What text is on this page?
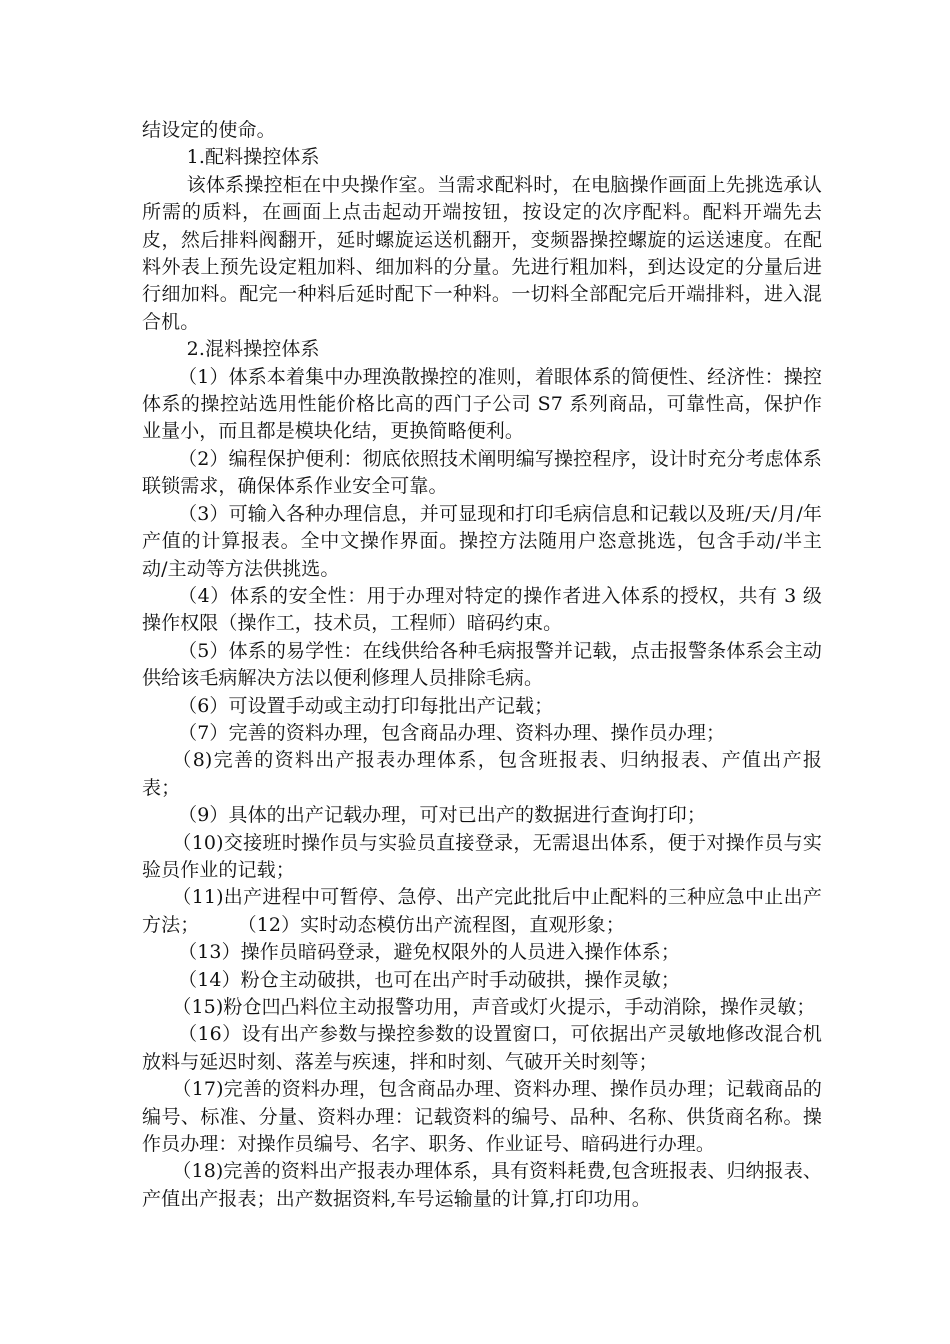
结设定的使命。

1.配料操控体系

该体系操控柜在中央操作室。当需求配料时，在电脑操作画面上先挑选承认所需的质料，在画面上点击起动开端按钮，按设定的次序配料。配料开端先去皮，然后排料阀翻开，延时螺旋运送机翻开，变频器操控螺旋的运送速度。在配料外表上预先设定粗加料、细加料的分量。先进行粗加料，到达设定的分量后进行细加料。配完一种料后延时配下一种料。一切料全部配完后开端排料，进入混合机。

2.混料操控体系

（1）体系本着集中办理涣散操控的准则，着眼体系的简便性、经济性：操控体系的操控站选用性能价格比高的西门子公司 S7 系列商品，可靠性高，保护作业量小，而且都是模块化结，更换简略便利。

（2）编程保护便利：彻底依照技术阐明编写操控程序，设计时充分考虑体系联锁需求，确保体系作业安全可靠。

（3）可输入各种办理信息，并可显现和打印毛病信息和记载以及班/天/月/年产值的计算报表。全中文操作界面。操控方法随用户恣意挑选，包含手动/半主动/主动等方法供挑选。

（4）体系的安全性：用于办理对特定的操作者进入体系的授权，共有 3 级操作权限（操作工，技术员，工程师）暗码约束。

（5）体系的易学性：在线供给各种毛病报警并记载，点击报警条体系会主动供给该毛病解决方法以便利修理人员排除毛病。

（6）可设置手动或主动打印每批出产记载；

（7）完善的资料办理，包含商品办理、资料办理、操作员办理；

（8)完善的资料出产报表办理体系，包含班报表、归纳报表、产值出产报表；

（9）具体的出产记载办理，可对已出产的数据进行查询打印；

（10)交接班时操作员与实验员直接登录，无需退出体系，便于对操作员与实验员作业的记载；

（11)出产进程中可暂停、急停、出产完此批后中止配料的三种应急中止出产方法；　　　（12）实时动态模仿出产流程图，直观形象；

（13）操作员暗码登录，避免权限外的人员进入操作体系；

（14）粉仓主动破拱，也可在出产时手动破拱，操作灵敏；

（15)粉仓凹凸料位主动报警功用，声音或灯火提示，手动消除，操作灵敏；

（16）设有出产参数与操控参数的设置窗口，可依据出产灵敏地修改混合机放料与延迟时刻、落差与疾速，拌和时刻、气破开关时刻等；

（17)完善的资料办理，包含商品办理、资料办理、操作员办理；记载商品的编号、标准、分量、资料办理：记载资料的编号、品种、名称、供货商名称。操作员办理：对操作员编号、名字、职务、作业证号、暗码进行办理。

（18)完善的资料出产报表办理体系，具有资料耗费,包含班报表、归纳报表、产值出产报表；出产数据资料,车号运输量的计算,打印功用。
